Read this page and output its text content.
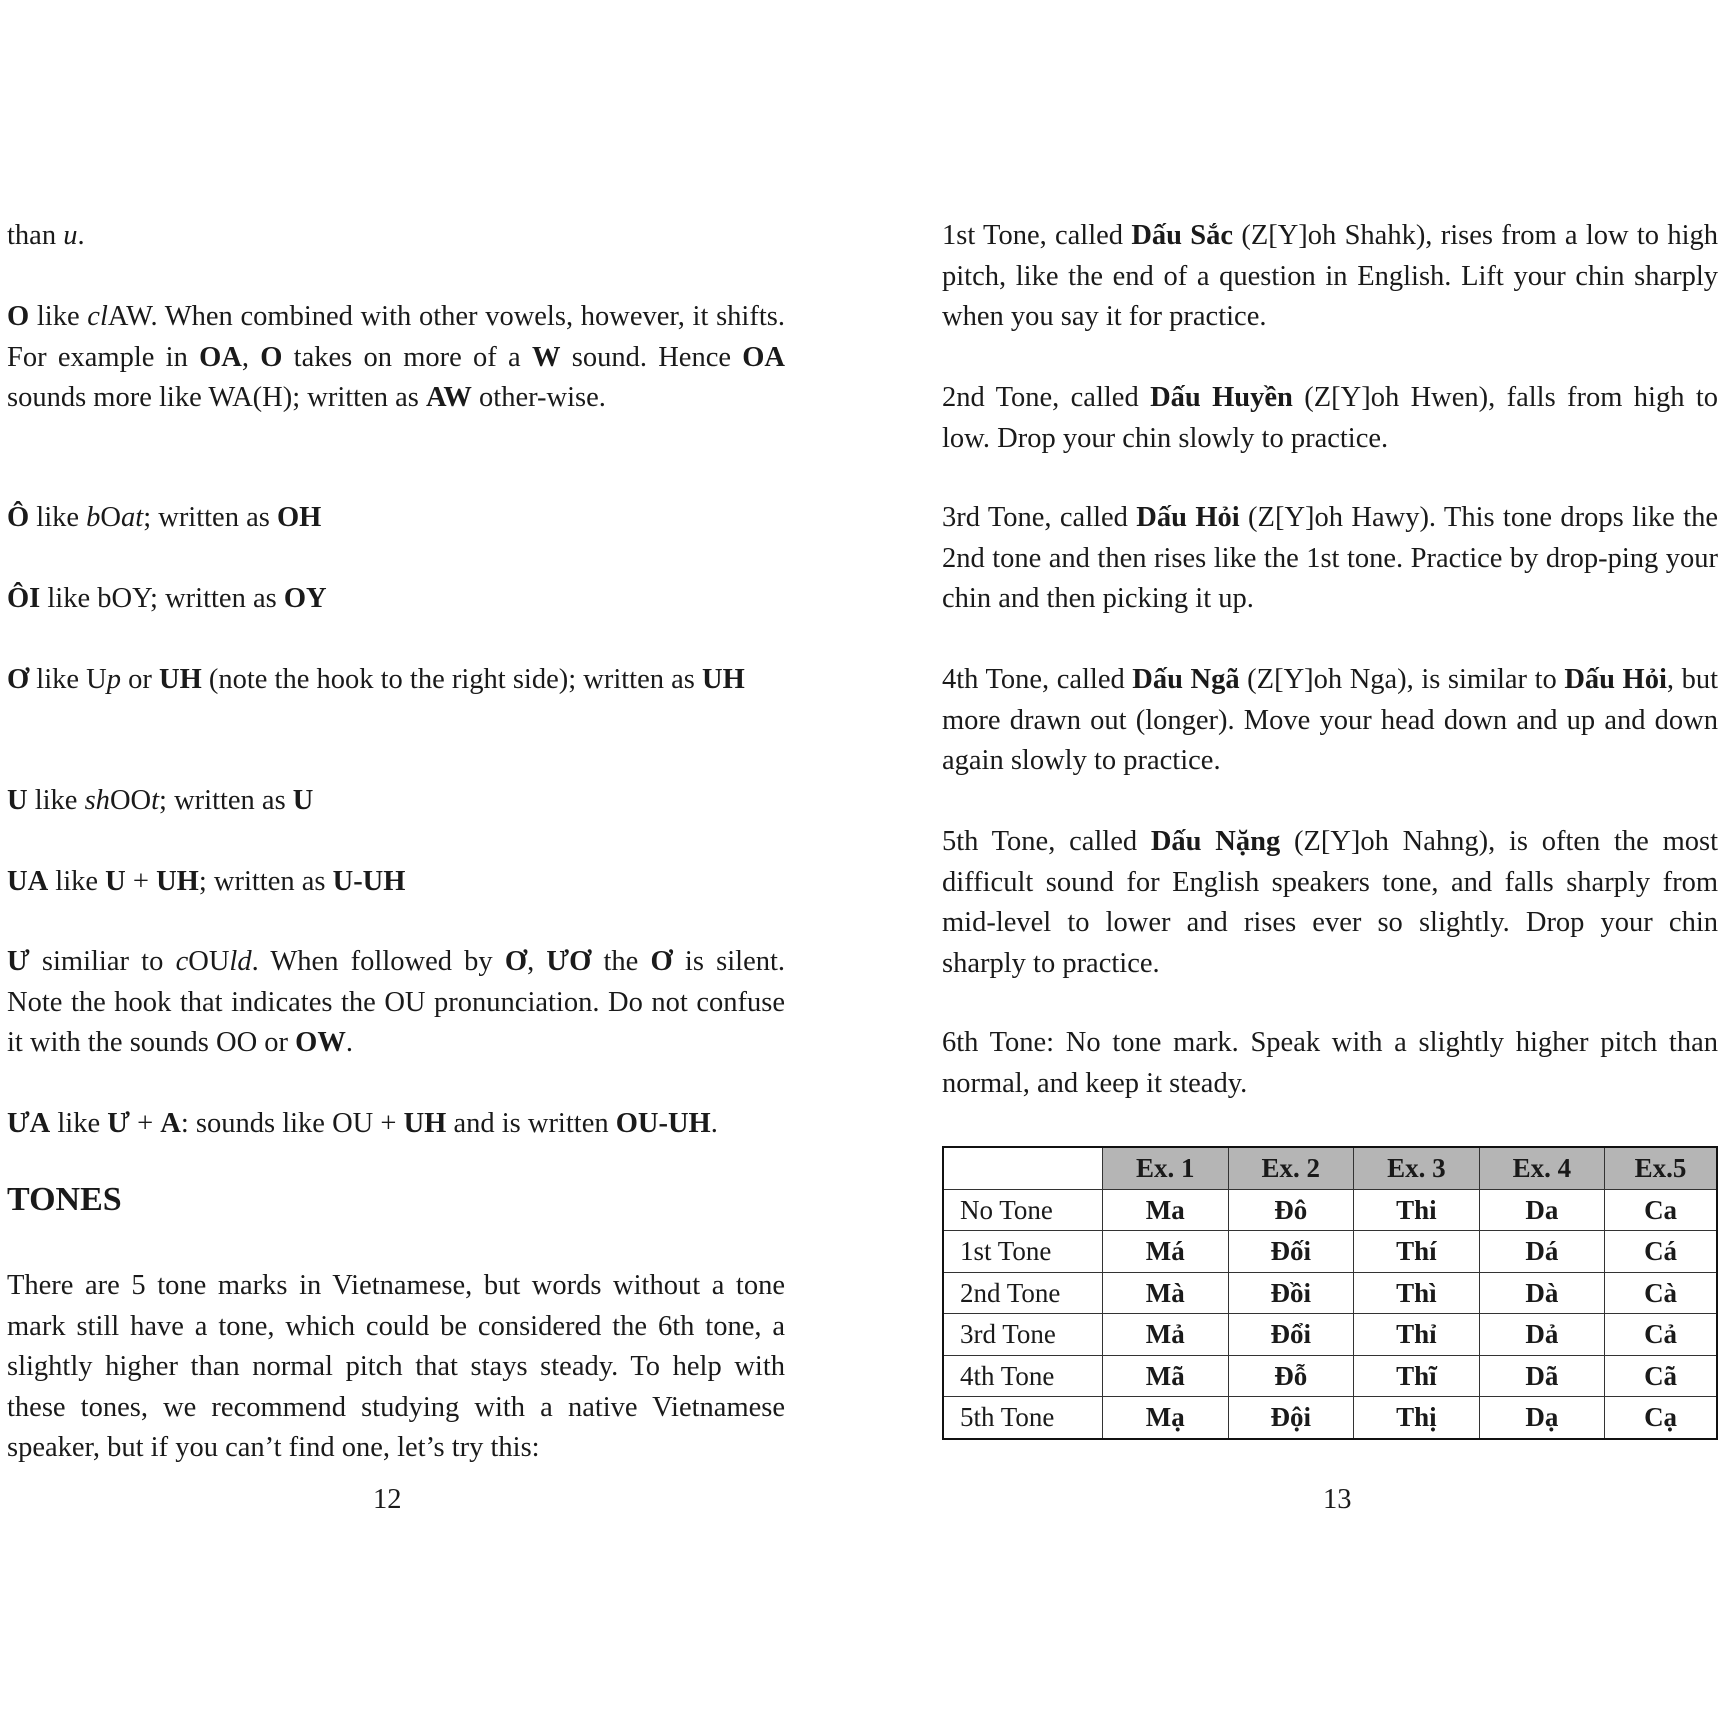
than u.

O like clAW. When combined with other vowels, however, it shifts. For example in OA, O takes on more of a W sound. Hence OA sounds more like WA(H); written as AW other-wise.

Ô like bOat; written as OH

ÔI like bOY; written as OY

Ơ like Up or UH (note the hook to the right side); written as UH

U like shOOt; written as U

UA like U + UH; written as U-UH

Ư similiar to cOUld. When followed by Ơ, ƯƠ the Ơ is silent. Note the hook that indicates the OU pronunciation. Do not confuse it with the sounds OO or OW.

ƯA like Ư + A: sounds like OU + UH and is written OU-UH.

TONES

There are 5 tone marks in Vietnamese, but words without a tone mark still have a tone, which could be considered the 6th tone, a slightly higher than normal pitch that stays steady. To help with these tones, we recommend studying with a native Vietnamese speaker, but if you can’t find one, let’s try this:

12

1st Tone, called Dấu Sắc (Z[Y]oh Shahk), rises from a low to high pitch, like the end of a question in English. Lift your chin sharply when you say it for practice.

2nd Tone, called Dấu Huyền (Z[Y]oh Hwen), falls from high to low. Drop your chin slowly to practice.

3rd Tone, called Dấu Hỏi (Z[Y]oh Hawy). This tone drops like the 2nd tone and then rises like the 1st tone. Practice by drop-ping your chin and then picking it up.

4th Tone, called Dấu Ngã (Z[Y]oh Nga), is similar to Dấu Hỏi, but more drawn out (longer). Move your head down and up and down again slowly to practice.

5th Tone, called Dấu Nặng (Z[Y]oh Nahng), is often the most difficult sound for English speakers tone, and falls sharply from mid-level to lower and rises ever so slightly. Drop your chin sharply to practice.

6th Tone: No tone mark. Speak with a slightly higher pitch than normal, and keep it steady.

	Ex. 1	Ex. 2	Ex. 3	Ex. 4	Ex.5
No Tone	Ma	Đô	Thi	Da	Ca
1st Tone	Má	Đối	Thí	Dá	Cá
2nd Tone	Mà	Đồi	Thì	Dà	Cà
3rd Tone	Mả	Đổi	Thỉ	Dả	Cả
4th Tone	Mã	Đỗ	Thĩ	Dã	Cã
5th Tone	Mạ	Đội	Thị	Dạ	Cạ
13
